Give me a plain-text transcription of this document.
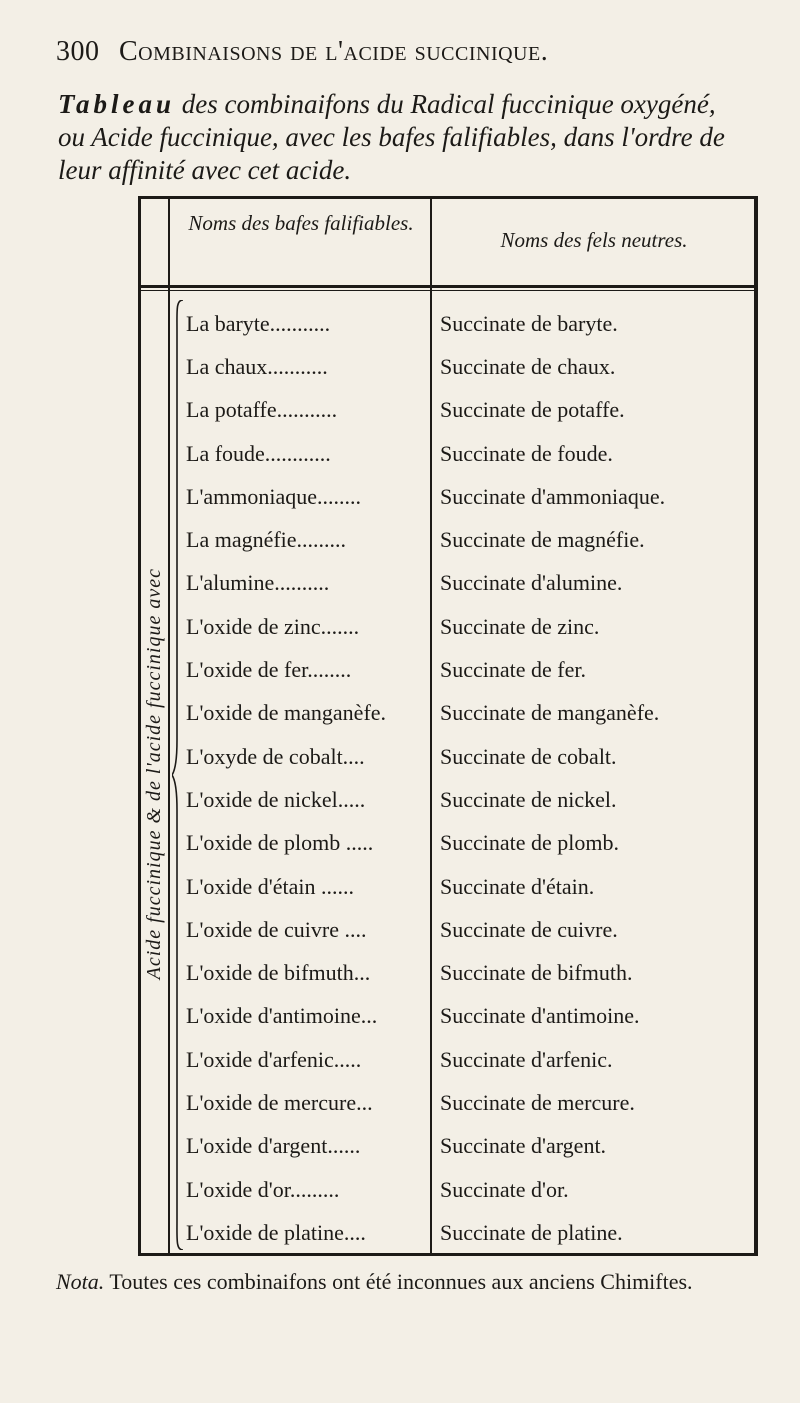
300 Combinaisons de l'acide succinique.
Tableau des combinaifons du Radical fuccinique oxygéné, ou Acide fuccinique, avec les bafes falifiables, dans l'ordre de leur affinité avec cet acide.
Noms des bafes falifiables.
Noms des fels neutres.
Acide fuccinique & de l'acide fuccinique avec
La baryte...........	Succinate de baryte.
La chaux...........	Succinate de chaux.
La potaffe...........	Succinate de potaffe.
La foude............	Succinate de foude.
L'ammoniaque........	Succinate d'ammoniaque.
La magnéfie.........	Succinate de magnéfie.
L'alumine..........	Succinate d'alumine.
L'oxide de zinc.......	Succinate de zinc.
L'oxide de fer........	Succinate de fer.
L'oxide de manganèfe.	Succinate de manganèfe.
L'oxyde de cobalt....	Succinate de cobalt.
L'oxide de nickel.....	Succinate de nickel.
L'oxide de plomb .....	Succinate de plomb.
L'oxide d'étain ......	Succinate d'étain.
L'oxide de cuivre ....	Succinate de cuivre.
L'oxide de bifmuth...	Succinate de bifmuth.
L'oxide d'antimoine...	Succinate d'antimoine.
L'oxide d'arfenic.....	Succinate d'arfenic.
L'oxide de mercure...	Succinate de mercure.
L'oxide d'argent......	Succinate d'argent.
L'oxide d'or.........	Succinate d'or.
L'oxide de platine....	Succinate de platine.
Nota. Toutes ces combinaifons ont été inconnues aux anciens Chimiftes.
